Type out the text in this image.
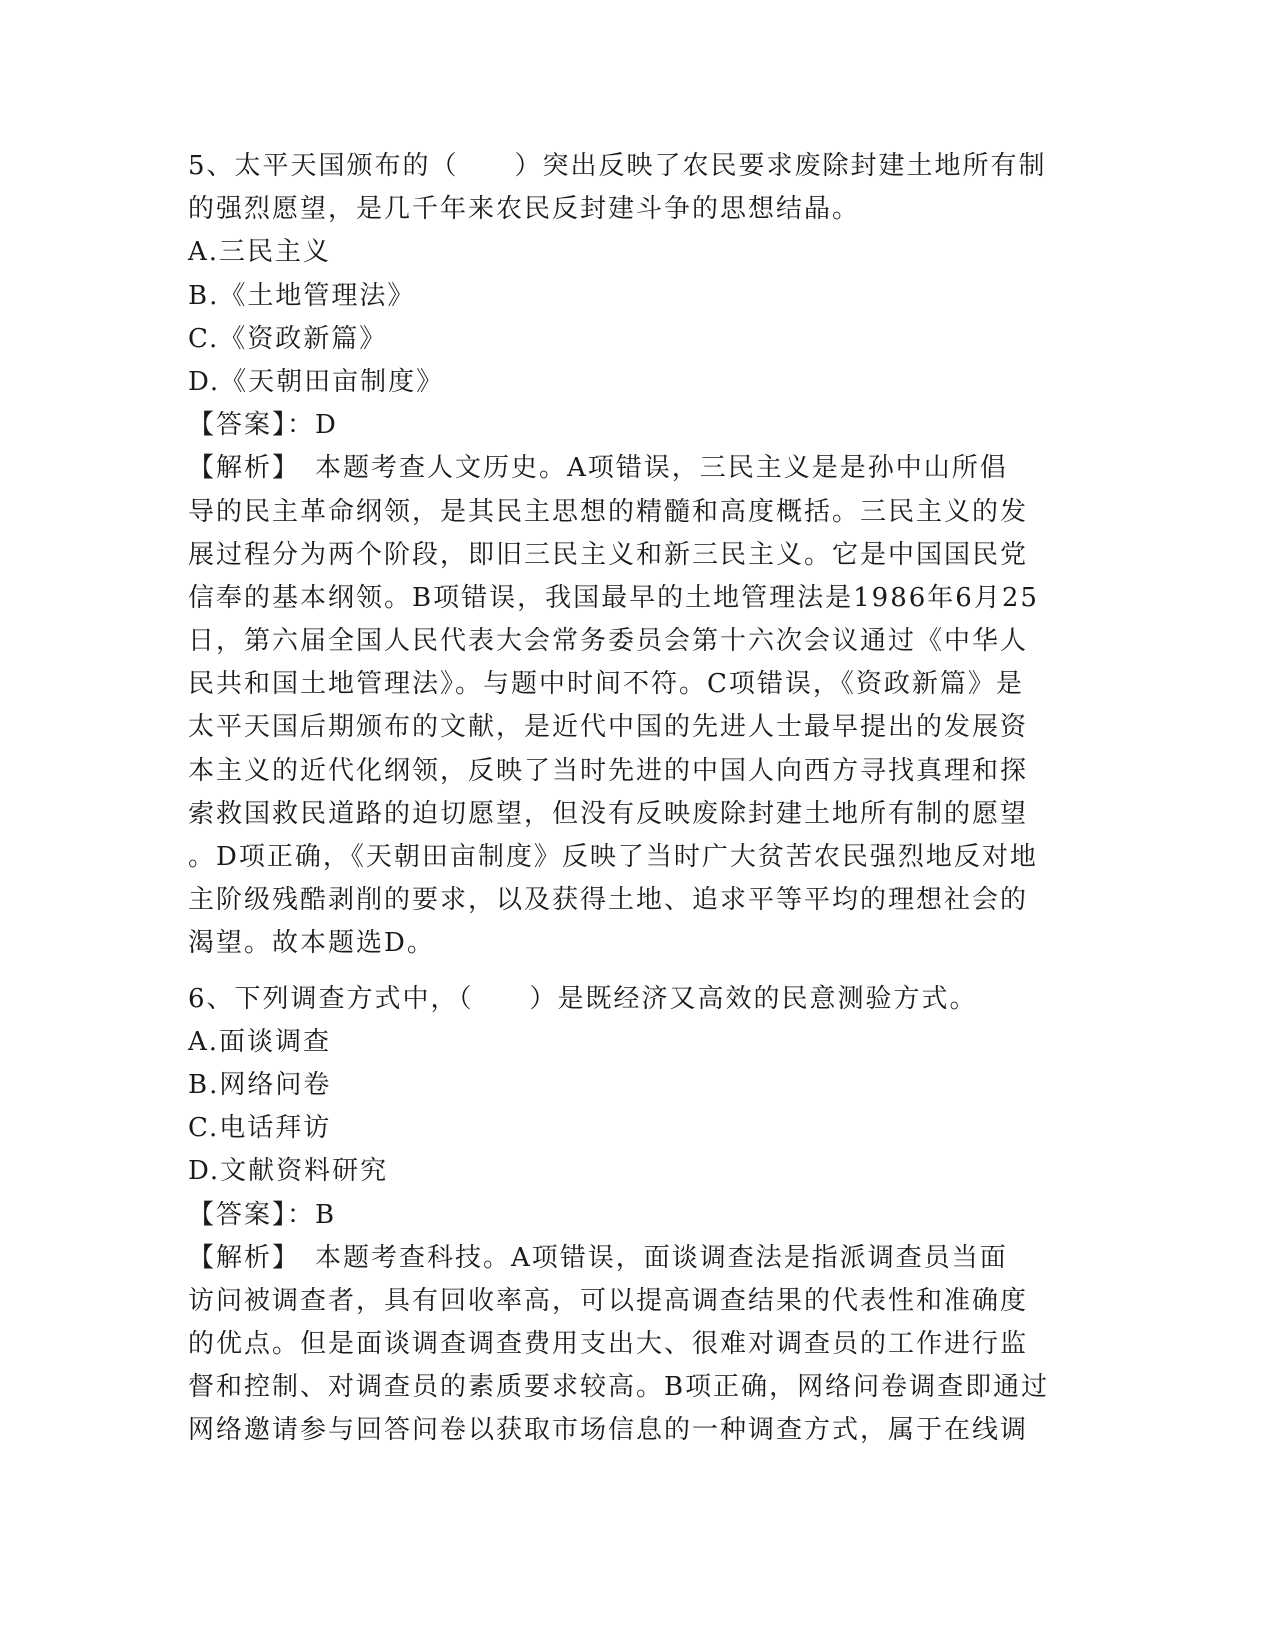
5、太平天国颁布的（　　）突出反映了农民要求废除封建土地所有制
的强烈愿望，是几千年来农民反封建斗争的思想结晶。
A.三民主义
B.《土地管理法》
C.《资政新篇》
D.《天朝田亩制度》
【答案】：D
【解析】　本题考查人文历史。A项错误，三民主义是是孙中山所倡
导的民主革命纲领，是其民主思想的精髓和高度概括。三民主义的发
展过程分为两个阶段，即旧三民主义和新三民主义。它是中国国民党
信奉的基本纲领。B项错误，我国最早的土地管理法是1986年6月25
日，第六届全国人民代表大会常务委员会第十六次会议通过《中华人
民共和国土地管理法》。与题中时间不符。C项错误，《资政新篇》是
太平天国后期颁布的文献，是近代中国的先进人士最早提出的发展资
本主义的近代化纲领，反映了当时先进的中国人向西方寻找真理和探
索救国救民道路的迫切愿望，但没有反映废除封建土地所有制的愿望
。D项正确，《天朝田亩制度》反映了当时广大贫苦农民强烈地反对地
主阶级残酷剥削的要求，以及获得土地、追求平等平均的理想社会的
渴望。故本题选D。
6、下列调查方式中，（　　）是既经济又高效的民意测验方式。
A.面谈调查
B.网络问卷
C.电话拜访
D.文献资料研究
【答案】：B
【解析】　本题考查科技。A项错误，面谈调查法是指派调查员当面
访问被调查者，具有回收率高，可以提高调查结果的代表性和准确度
的优点。但是面谈调查调查费用支出大、很难对调查员的工作进行监
督和控制、对调查员的素质要求较高。B项正确，网络问卷调查即通过
网络邀请参与回答问卷以获取市场信息的一种调查方式，属于在线调
